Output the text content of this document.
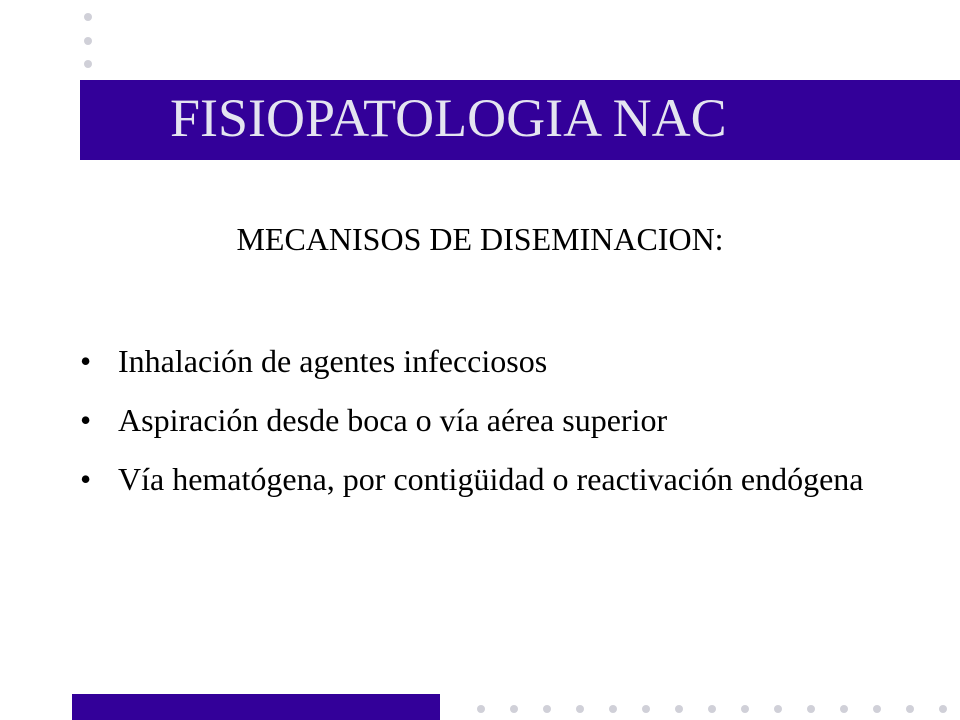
FISIOPATOLOGIA NAC
MECANISOS DE DISEMINACION:
• Inhalación de agentes infecciosos
• Aspiración desde boca o vía aérea superior
• Vía hematógena, por contigüidad o reactivación endógena
